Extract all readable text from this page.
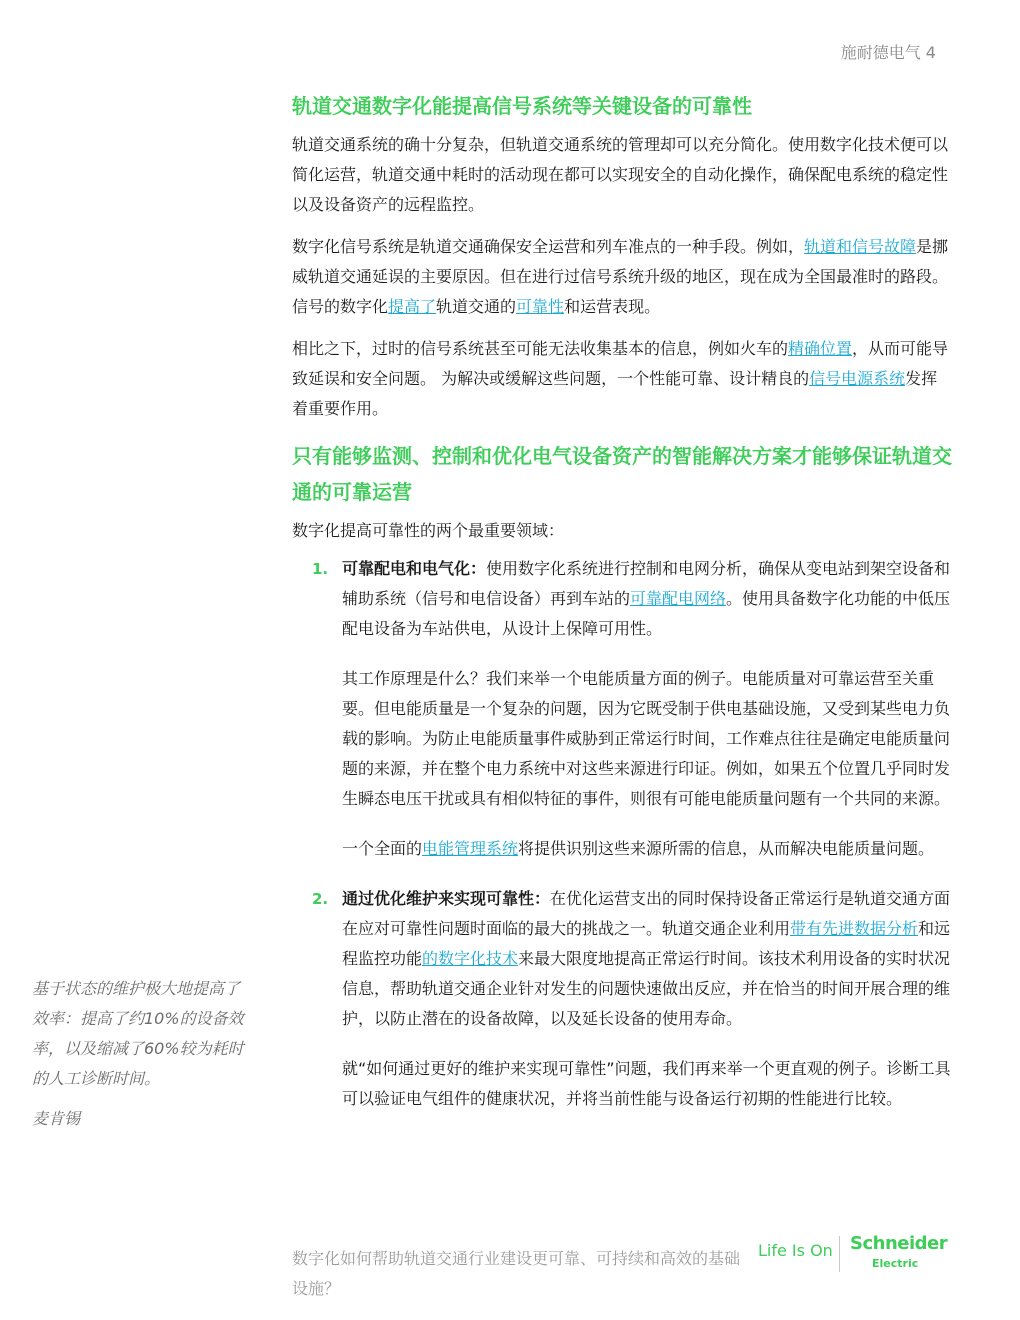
施耐德电气 4
轨道交通数字化能提高信号系统等关键设备的可靠性

轨道交通系统的确十分复杂，但轨道交通系统的管理却可以充分简化。使用数字化技术便可以简化运营，轨道交通中耗时的活动现在都可以实现安全的自动化操作，确保配电系统的稳定性以及设备资产的远程监控。

数字化信号系统是轨道交通确保安全运营和列车准点的一种手段。例如，轨道和信号故障是挪威轨道交通延误的主要原因。但在进行过信号系统升级的地区，现在成为全国最准时的路段。信号的数字化提高了轨道交通的可靠性和运营表现。

相比之下，过时的信号系统甚至可能无法收集基本的信息，例如火车的精确位置，从而可能导致延误和安全问题。 为解决或缓解这些问题，一个性能可靠、设计精良的信号电源系统发挥着重要作用。

只有能够监测、控制和优化电气设备资产的智能解决方案才能够保证轨道交通的可靠运营

数字化提高可靠性的两个最重要领域：

1. 可靠配电和电气化：使用数字化系统进行控制和电网分析，确保从变电站到架空设备和辅助系统（信号和电信设备）再到车站的可靠配电网络。使用具备数字化功能的中低压配电设备为车站供电，从设计上保障可用性。

其工作原理是什么？我们来举一个电能质量方面的例子。电能质量对可靠运营至关重要。但电能质量是一个复杂的问题，因为它既受制于供电基础设施，又受到某些电力负载的影响。为防止电能质量事件威胁到正常运行时间，工作难点往往是确定电能质量问题的来源，并在整个电力系统中对这些来源进行印证。例如，如果五个位置几乎同时发生瞬态电压干扰或具有相似特征的事件，则很有可能电能质量问题有一个共同的来源。

一个全面的电能管理系统将提供识别这些来源所需的信息，从而解决电能质量问题。

2. 通过优化维护来实现可靠性：在优化运营支出的同时保持设备正常运行是轨道交通方面在应对可靠性问题时面临的最大的挑战之一。轨道交通企业利用带有先进数据分析和远程监控功能的数字化技术来最大限度地提高正常运行时间。该技术利用设备的实时状况信息，帮助轨道交通企业针对发生的问题快速做出反应，并在恰当的时间开展合理的维护，以防止潜在的设备故障，以及延长设备的使用寿命。

就“如何通过更好的维护来实现可靠性”问题，我们再来举一个更直观的例子。诊断工具可以验证电气组件的健康状况，并将当前性能与设备运行初期的性能进行比较。

基于状态的维护极大地提高了效率：提高了约10%的设备效率，以及缩减了60%较为耗时的人工诊断时间。

麦肯锡

数字化如何帮助轨道交通行业建设更可靠、可持续和高效的基础设施？
Life Is On Schneider
Electric
